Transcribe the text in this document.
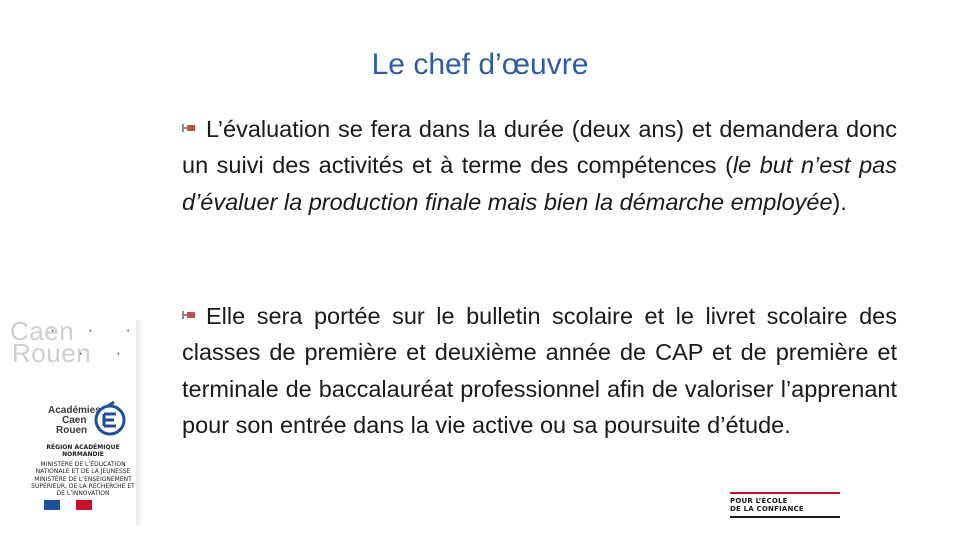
Le chef d’œuvre
L’évaluation se fera dans la durée (deux ans) et demandera donc un suivi des activités et à terme des compétences (le but n’est pas d’évaluer la production finale mais bien la démarche employée).
Elle sera portée sur le bulletin scolaire et le livret scolaire des classes de première et deuxième année de CAP et de première et terminale de baccalauréat professionnel afin de valoriser l’apprenant pour son entrée dans la vie active ou sa poursuite d’étude.
Caen
Rouen
· · ·
· ·
Académies
Caen
Rouen
RÉGION ACADÉMIQUE NORMANDIE
MINISTÈRE DE L’ÉDUCATION NATIONALE ET DE LA JEUNESSE
MINISTÈRE DE L’ENSEIGNEMENT SUPÉRIEUR, DE LA RECHERCHE ET DE L’INNOVATION
POUR L’ÉCOLE
DE LA CONFIANCE
